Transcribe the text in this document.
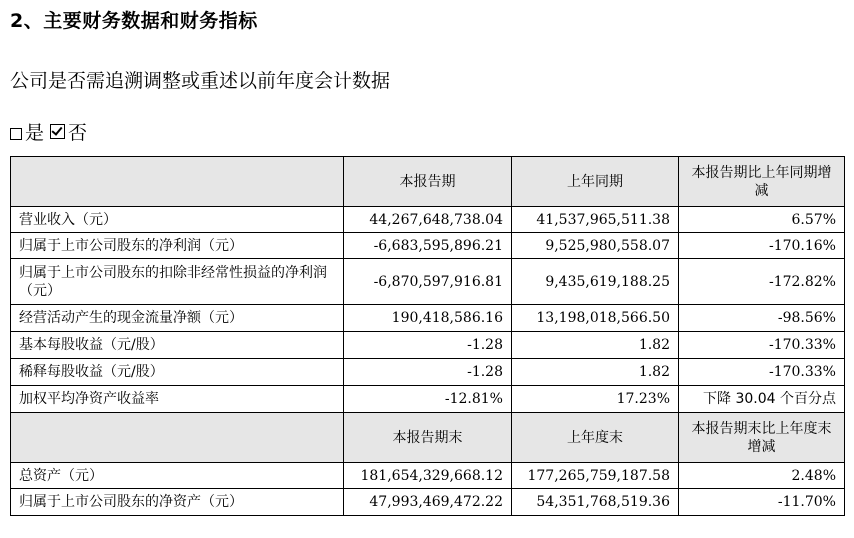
2、主要财务数据和财务指标
公司是否需追溯调整或重述以前年度会计数据
是 否
	本报告期	上年同期	本报告期比上年同期增减
营业收入（元）	44,267,648,738.04	41,537,965,511.38	6.57%
归属于上市公司股东的净利润（元）	-6,683,595,896.21	9,525,980,558.07	-170.16%
归属于上市公司股东的扣除非经常性损益的净利润（元）	-6,870,597,916.81	9,435,619,188.25	-172.82%
经营活动产生的现金流量净额（元）	190,418,586.16	13,198,018,566.50	-98.56%
基本每股收益（元/股）	-1.28	1.82	-170.33%
稀释每股收益（元/股）	-1.28	1.82	-170.33%
加权平均净资产收益率	-12.81%	17.23%	下降 30.04 个百分点
	本报告期末	上年度末	本报告期末比上年度末增减
总资产（元）	181,654,329,668.12	177,265,759,187.58	2.48%
归属于上市公司股东的净资产（元）	47,993,469,472.22	54,351,768,519.36	-11.70%
